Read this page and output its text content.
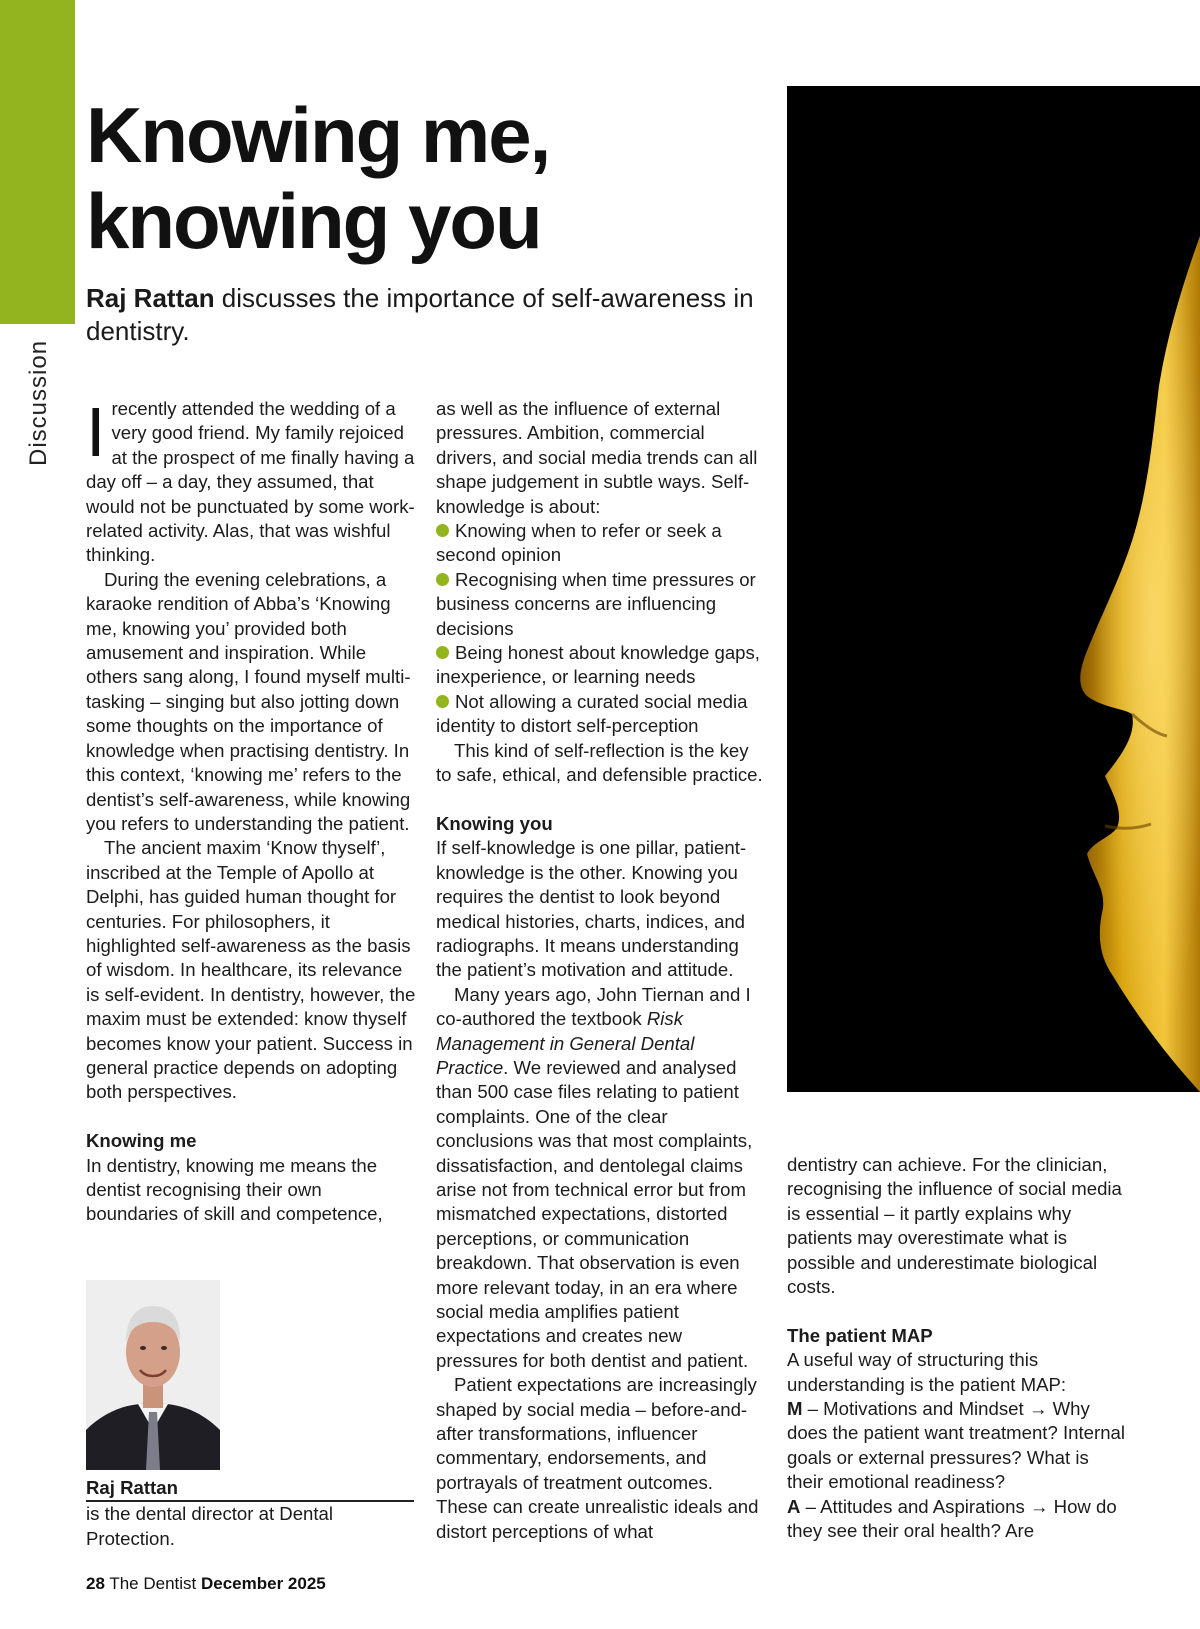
Discussion
Knowing me,
knowing you

Raj Rattan discusses the importance of self-awareness in dentistry.

Irecently attended the wedding of a very good friend. My family rejoiced at the prospect of me finally having a day off – a day, they assumed, that would not be punctuated by some work-related activity. Alas, that was wishful thinking.

During the evening celebrations, a karaoke rendition of Abba’s ‘Knowing me, knowing you’ provided both amusement and inspiration. While others sang along, I found myself multi-tasking – singing but also jotting down some thoughts on the importance of knowledge when practising dentistry. In this context, ‘knowing me’ refers to the dentist’s self-awareness, while knowing you refers to understanding the patient.

The ancient maxim ‘Know thyself’, inscribed at the Temple of Apollo at Delphi, has guided human thought for centuries. For philosophers, it highlighted self-awareness as the basis of wisdom. In healthcare, its relevance is self-evident. In dentistry, however, the maxim must be extended: know thyself becomes know your patient. Success in general practice depends on adopting both perspectives.

Knowing me

In dentistry, knowing me means the dentist recognising their own boundaries of skill and competence,

as well as the influence of external pressures. Ambition, commercial drivers, and social media trends can all shape judgement in subtle ways. Self-knowledge is about:

Knowing when to refer or seek a second opinion
Recognising when time pressures or business concerns are influencing decisions
Being honest about knowledge gaps, inexperience, or learning needs
Not allowing a curated social media identity to distort self-perception

This kind of self-reflection is the key to safe, ethical, and defensible practice.

Knowing you

If self-knowledge is one pillar, patient-knowledge is the other. Knowing you requires the dentist to look beyond medical histories, charts, indices, and radiographs. It means understanding the patient’s motivation and attitude.

Many years ago, John Tiernan and I co-authored the textbook Risk Management in General Dental Practice. We reviewed and analysed than 500 case files relating to patient complaints. One of the clear conclusions was that most complaints, dissatisfaction, and dentolegal claims arise not from technical error but from mismatched expectations, distorted perceptions, or communication breakdown. That observation is even more relevant today, in an era where social media amplifies patient expectations and creates new pressures for both dentist and patient.

Patient expectations are increasingly shaped by social media – before-and-after transformations, influencer commentary, endorsements, and portrayals of treatment outcomes. These can create unrealistic ideals and distort perceptions of what

dentistry can achieve. For the clinician, recognising the influence of social media is essential – it partly explains why patients may overestimate what is possible and underestimate biological costs.

The patient MAP

A useful way of structuring this understanding is the patient MAP:

M – Motivations and Mindset → Why does the patient want treatment? Internal goals or external pressures? What is their emotional readiness?

A – Attitudes and Aspirations → How do they see their oral health? Are

Raj Rattan
is the dental director at Dental Protection.
28 The Dentist December 2025
